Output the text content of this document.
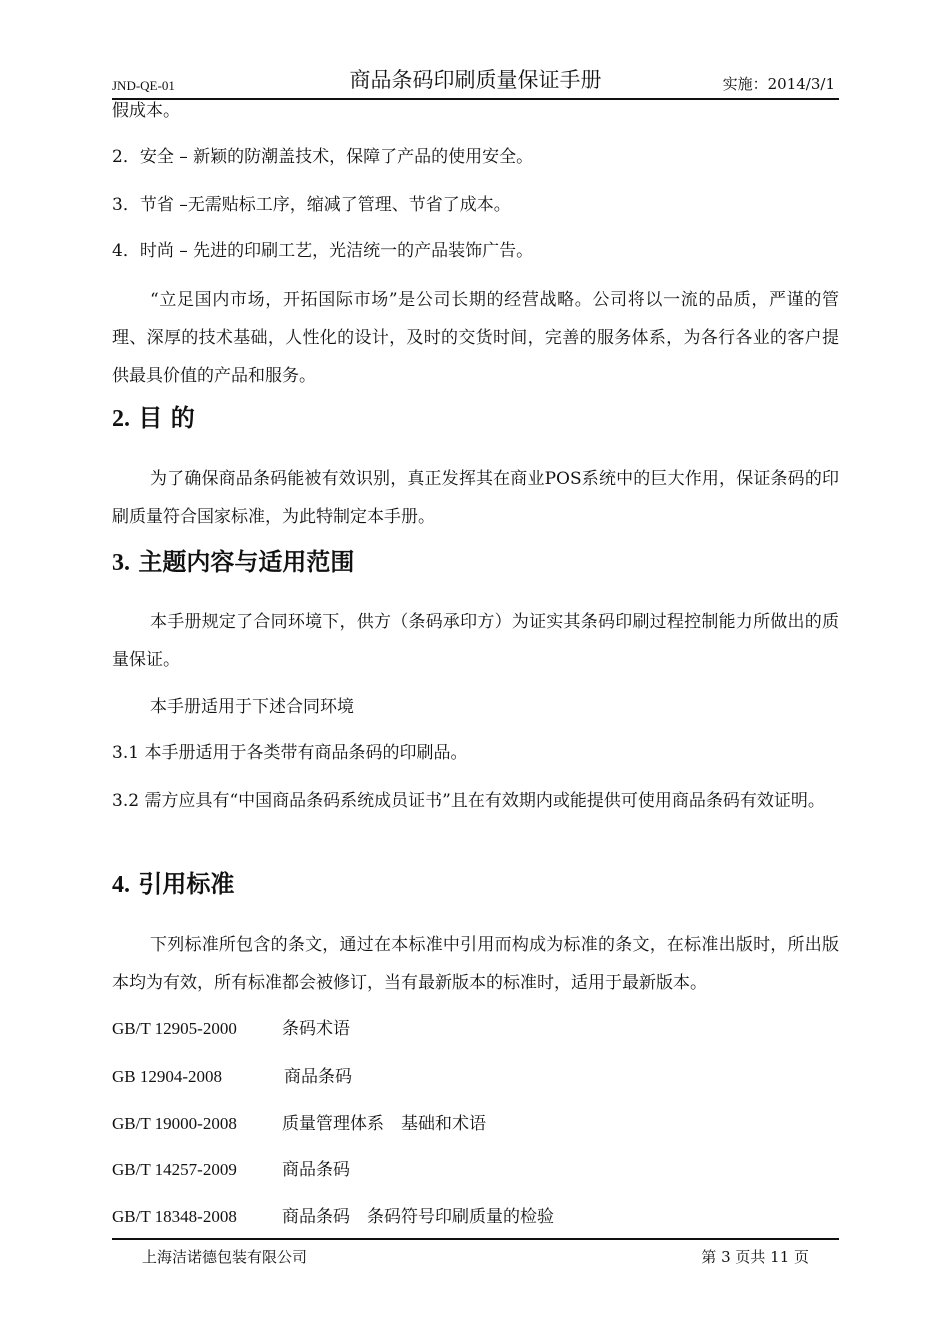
JND-QE-01	商品条码印刷质量保证手册	实施：2014/3/1

假成本。

2．安全 – 新颖的防潮盖技术，保障了产品的使用安全。

3．节省 –无需贴标工序，缩减了管理、节省了成本。

4．时尚 – 先进的印刷工艺，光洁统一的产品装饰广告。

“立足国内市场，开拓国际市场”是公司长期的经营战略。公司将以一流的品质，严谨的管理、深厚的技术基础，人性化的设计，及时的交货时间，完善的服务体系，为各行各业的客户提供最具价值的产品和服务。

2. 目 的

为了确保商品条码能被有效识别，真正发挥其在商业POS系统中的巨大作用，保证条码的印刷质量符合国家标准，为此特制定本手册。

3. 主题内容与适用范围

本手册规定了合同环境下，供方（条码承印方）为证实其条码印刷过程控制能力所做出的质量保证。

本手册适用于下述合同环境

3.1 本手册适用于各类带有商品条码的印刷品。

3.2 需方应具有“中国商品条码系统成员证书”且在有效期内或能提供可使用商品条码有效证明。

4. 引用标准

下列标准所包含的条文，通过在本标准中引用而构成为标准的条文，在标准出版时，所出版本均为有效，所有标准都会被修订，当有最新版本的标准时，适用于最新版本。

GB/T 12905-2000	条码术语
GB 12904-2008	商品条码
GB/T 19000-2008	质量管理体系　基础和术语
GB/T 14257-2009	商品条码
GB/T 18348-2008	商品条码　条码符号印刷质量的检验
上海洁诺德包装有限公司	第 3 页共 11 页
